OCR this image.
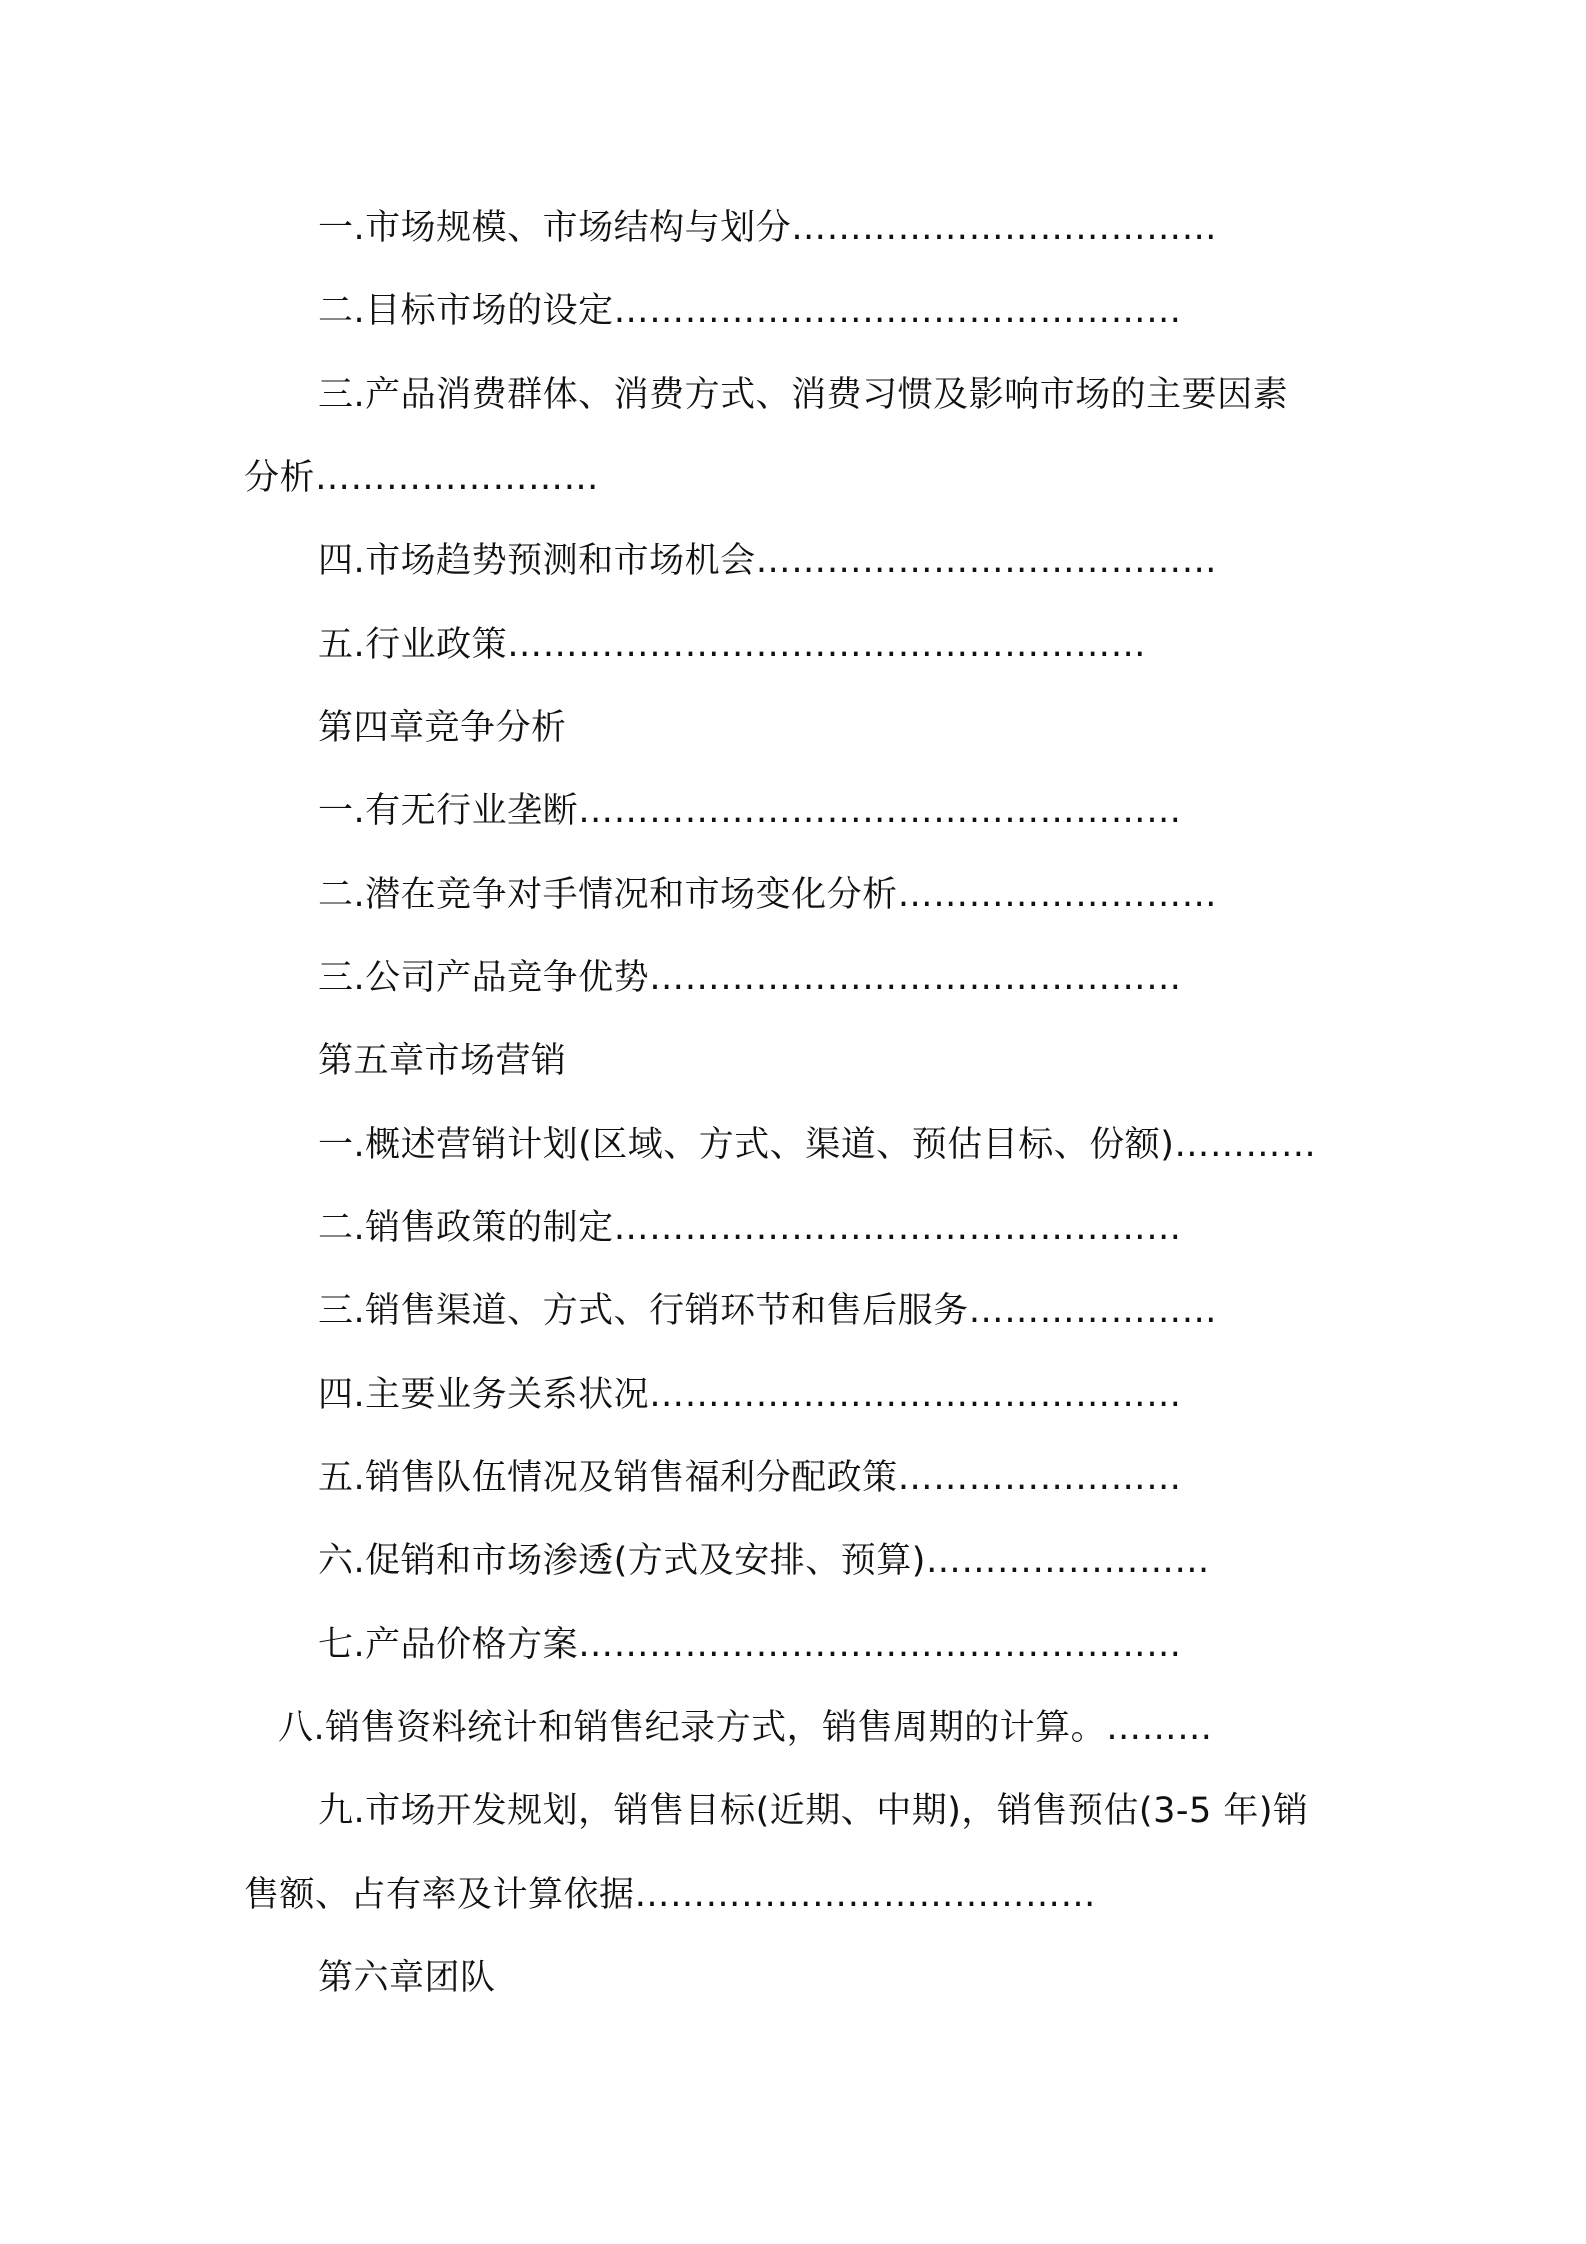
一.市场规模、市场结构与划分………………………………
二.目标市场的设定…………………………………………
三.产品消费群体、消费方式、消费习惯及影响市场的主要因素
分析……………………
四.市场趋势预测和市场机会…………………………………
五.行业政策………………………………………………
第四章竞争分析
一.有无行业垄断……………………………………………
二.潜在竞争对手情况和市场变化分析………………………
三.公司产品竞争优势………………………………………
第五章市场营销
一.概述营销计划(区域、方式、渠道、预估目标、份额)…………
二.销售政策的制定…………………………………………
三.销售渠道、方式、行销环节和售后服务…………………
四.主要业务关系状况………………………………………
五.销售队伍情况及销售福利分配政策……………………
六.促销和市场渗透(方式及安排、预算)……………………
七.产品价格方案……………………………………………
八.销售资料统计和销售纪录方式，销售周期的计算。………
九.市场开发规划，销售目标(近期、中期)，销售预估(3-5 年)销
售额、占有率及计算依据…………………………………
第六章团队
